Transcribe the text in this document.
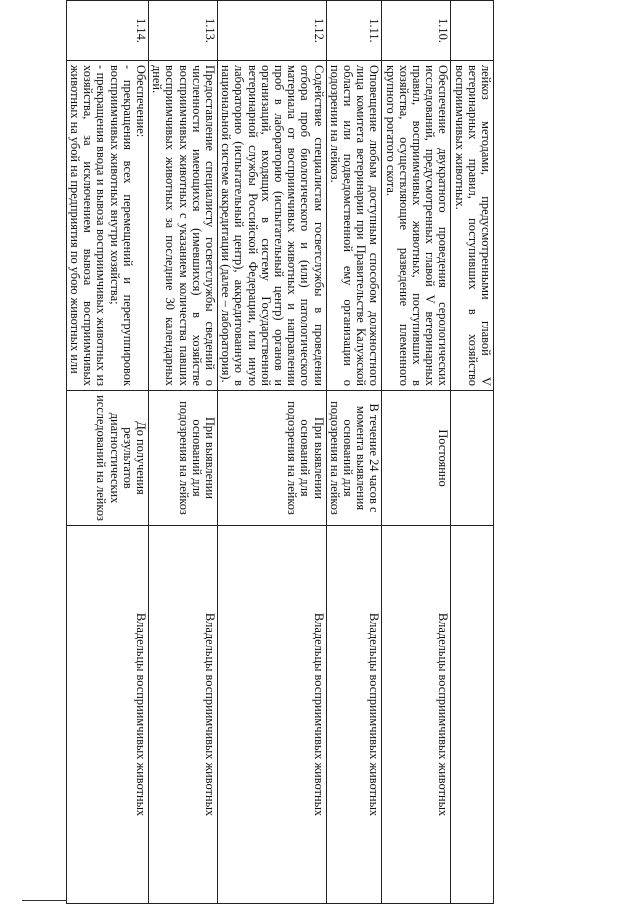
	лейкоз методами, предусмотренными главой V ветеринарных правил, поступивших в хозяйство восприимчивых животных.		
1.10.	Обеспечение двукратного проведения серологических исследований, предусмотренных главой V ветеринарных правил, восприимчивых животных, поступивших в хозяйства, осуществляющие разведение племенного крупного рогатого скота.	Постоянно	Владельцы восприимчивых животных
1.11.	Оповещение любым доступным способом должностного лица комитета ветеринарии при Правительстве Калужской области или подведомственной ему организации о подозрении на лейкоз.	В течение 24 часов с момента выявления оснований для подозрения на лейкоз	Владельцы восприимчивых животных
1.12.	Содействие специалистам госветслужбы в проведении отбора проб биологического и (или) патологического материала от восприимчивых животных и направлении проб в лабораторию (испытательный центр) органов и организаций, входящих в систему Государственной ветеринарной службы Российской Федерации, или иную лабораторию (испытательный центр), аккредитованную в национальной системе аккредитации (далее – лаборатория).	При выявлении оснований для подозрения на лейкоз	Владельцы восприимчивых животных
1.13.	Предоставление специалисту госветслужбы сведений о численности имеющихся (имевшихся) в хозяйстве восприимчивых животных с указанием количества павших восприимчивых животных за последние 30 календарных дней.	При выявлении оснований для подозрения на лейкоз	Владельцы восприимчивых животных
1.14.	Обеспечение:
- прекращения всех перемещений и перегруппировок восприимчивых животных внутри хозяйства;
- прекращения ввода и вывоза восприимчивых животных из хозяйства, за исключением вывоза восприимчивых животных на убой на предприятия по убою животных или	До получения результатов диагностических исследований на лейкоз	Владельцы восприимчивых животных
